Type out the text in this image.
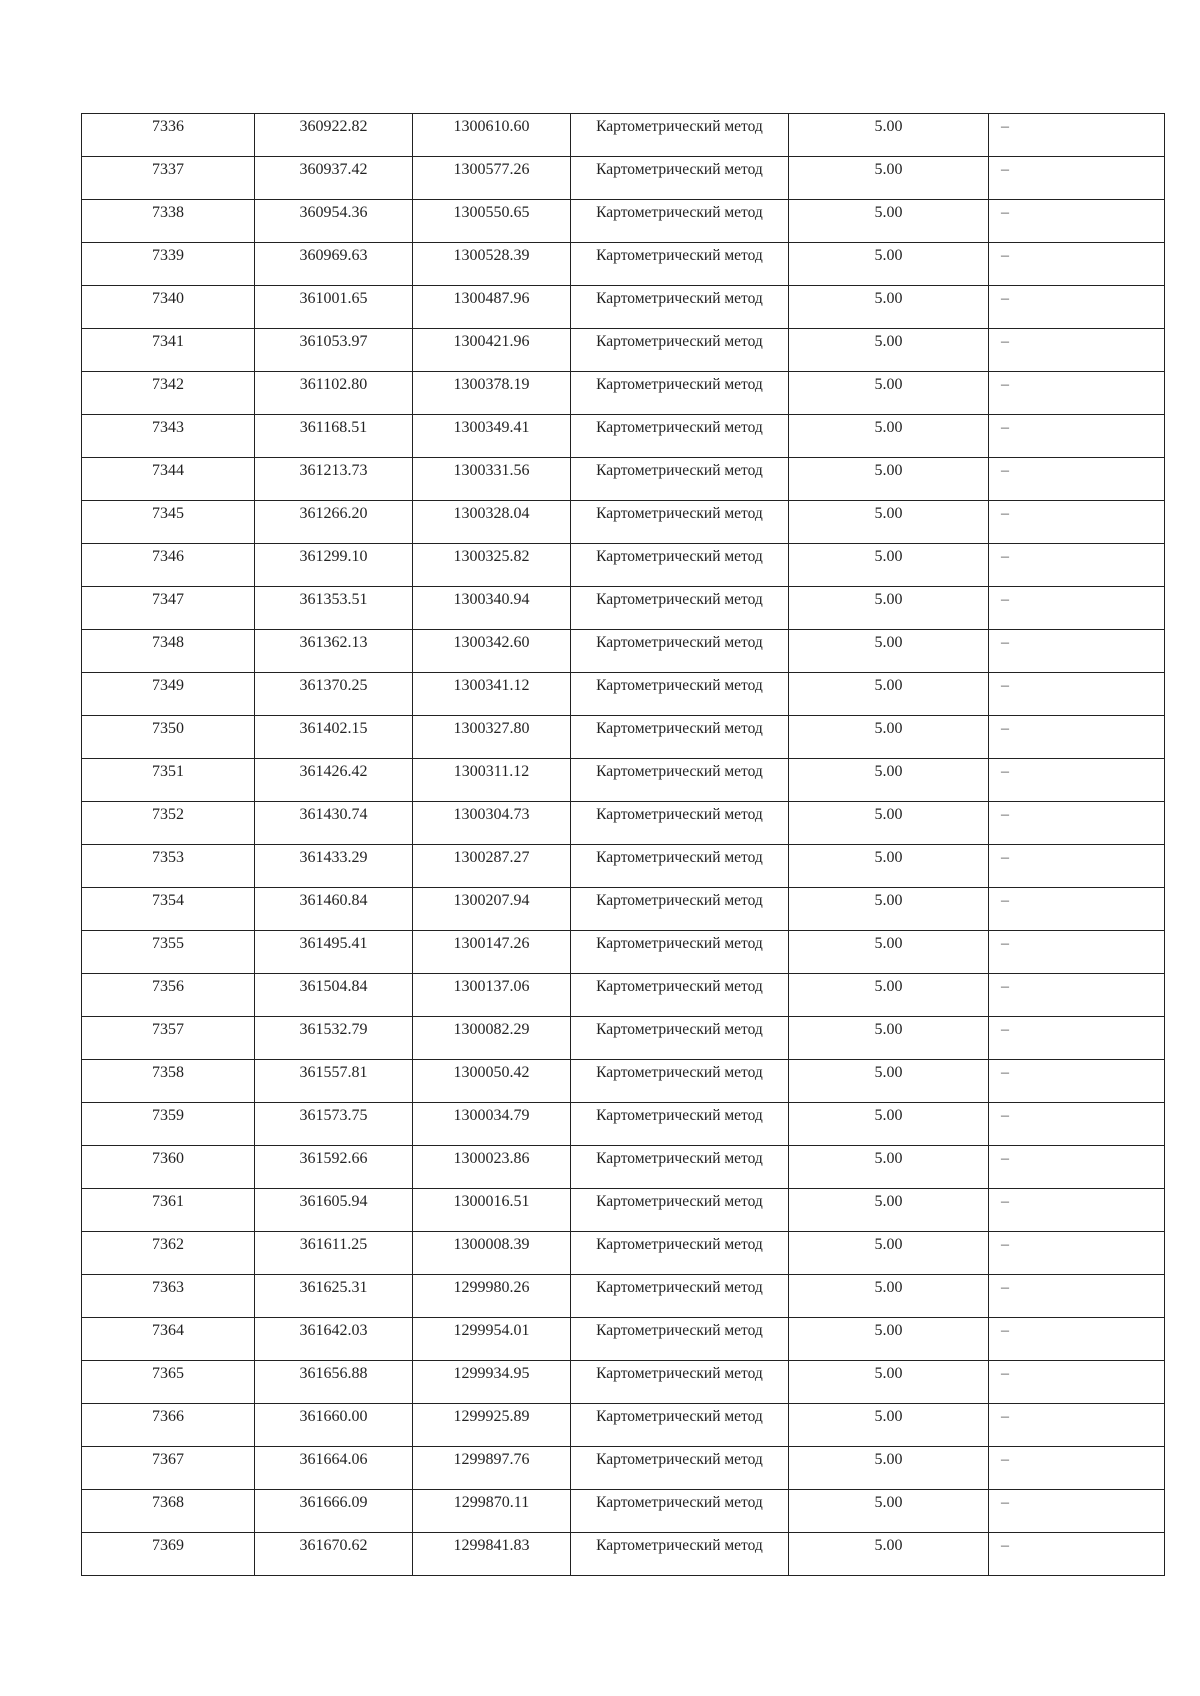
7336	360922.82	1300610.60	Картометрический метод	5.00	–

7337	360937.42	1300577.26	Картометрический метод	5.00	–

7338	360954.36	1300550.65	Картометрический метод	5.00	–

7339	360969.63	1300528.39	Картометрический метод	5.00	–

7340	361001.65	1300487.96	Картометрический метод	5.00	–

7341	361053.97	1300421.96	Картометрический метод	5.00	–

7342	361102.80	1300378.19	Картометрический метод	5.00	–

7343	361168.51	1300349.41	Картометрический метод	5.00	–

7344	361213.73	1300331.56	Картометрический метод	5.00	–

7345	361266.20	1300328.04	Картометрический метод	5.00	–

7346	361299.10	1300325.82	Картометрический метод	5.00	–

7347	361353.51	1300340.94	Картометрический метод	5.00	–

7348	361362.13	1300342.60	Картометрический метод	5.00	–

7349	361370.25	1300341.12	Картометрический метод	5.00	–

7350	361402.15	1300327.80	Картометрический метод	5.00	–

7351	361426.42	1300311.12	Картометрический метод	5.00	–

7352	361430.74	1300304.73	Картометрический метод	5.00	–

7353	361433.29	1300287.27	Картометрический метод	5.00	–

7354	361460.84	1300207.94	Картометрический метод	5.00	–

7355	361495.41	1300147.26	Картометрический метод	5.00	–

7356	361504.84	1300137.06	Картометрический метод	5.00	–

7357	361532.79	1300082.29	Картометрический метод	5.00	–

7358	361557.81	1300050.42	Картометрический метод	5.00	–

7359	361573.75	1300034.79	Картометрический метод	5.00	–

7360	361592.66	1300023.86	Картометрический метод	5.00	–

7361	361605.94	1300016.51	Картометрический метод	5.00	–

7362	361611.25	1300008.39	Картометрический метод	5.00	–

7363	361625.31	1299980.26	Картометрический метод	5.00	–

7364	361642.03	1299954.01	Картометрический метод	5.00	–

7365	361656.88	1299934.95	Картометрический метод	5.00	–

7366	361660.00	1299925.89	Картометрический метод	5.00	–

7367	361664.06	1299897.76	Картометрический метод	5.00	–

7368	361666.09	1299870.11	Картометрический метод	5.00	–

7369	361670.62	1299841.83	Картометрический метод	5.00	–
